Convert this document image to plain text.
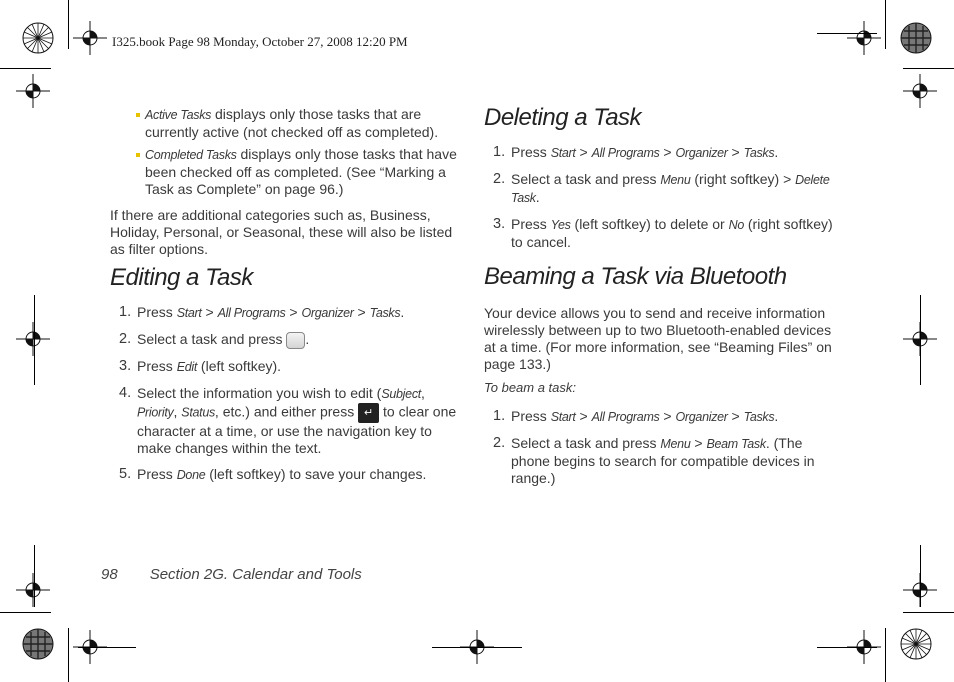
I325.book Page 98 Monday, October 27, 2008 12:20 PM
Active Tasks displays only those tasks that are currently active (not checked off as completed).
Completed Tasks displays only those tasks that have been checked off as completed. (See “Marking a Task as Complete” on page 96.)

If there are additional categories such as, Business, Holiday, Personal, or Seasonal, these will also be listed as filter options.

Editing a Task
1. Press Start > All Programs > Organizer > Tasks.
2. Select a task and press .
3. Press Edit (left softkey).
4. Select the information you wish to edit (Subject, Priority, Status, etc.) and either press ↵ to clear one character at a time, or use the navigation key to make changes within the text.
5. Press Done (left softkey) to save your changes.
Deleting a Task
1. Press Start > All Programs > Organizer > Tasks.
2. Select a task and press Menu (right softkey) > Delete Task.
3. Press Yes (left softkey) to delete or No (right softkey) to cancel.
Beaming a Task via Bluetooth

Your device allows you to send and receive information wirelessly between up to two Bluetooth-enabled devices at a time. (For more information, see “Beaming Files” on page 133.)

To beam a task:

1. Press Start > All Programs > Organizer > Tasks.
2. Select a task and press Menu > Beam Task. (The phone begins to search for compatible devices in range.)
98 Section 2G. Calendar and Tools
